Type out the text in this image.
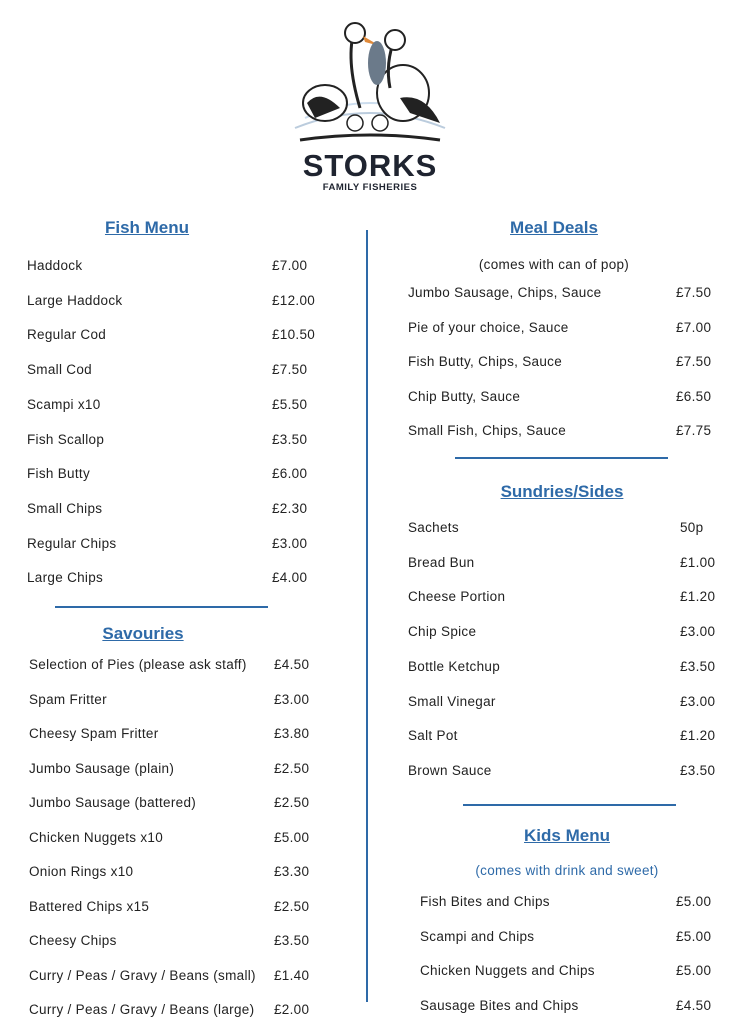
STORKS
FAMILY FISHERIES
Fish Menu
Haddock	£7.00
Large Haddock	£12.00
Regular Cod	£10.50
Small Cod	£7.50
Scampi x10	£5.50
Fish Scallop	£3.50
Fish Butty	£6.00
Small Chips	£2.30
Regular Chips	£3.00
Large Chips	£4.00
Savouries
Selection of Pies (please ask staff) £4.50
Spam Fritter	£3.00
Cheesy Spam Fritter	£3.80
Jumbo Sausage (plain)	£2.50
Jumbo Sausage (battered)	£2.50
Chicken Nuggets x10	£5.00
Onion Rings x10	£3.30
Battered Chips x15	£2.50
Cheesy Chips	£3.50
Curry / Peas / Gravy / Beans (small) £1.40
Curry / Peas / Gravy / Beans (large) £2.00
Meal Deals
(comes with can of pop)
Jumbo Sausage, Chips, Sauce	£7.50
Pie of your choice, Sauce	£7.00
Fish Butty, Chips, Sauce	£7.50
Chip Butty, Sauce	£6.50
Small Fish, Chips, Sauce	£7.75
Sundries/Sides
Sachets	50p
Bread Bun	£1.00
Cheese Portion	£1.20
Chip Spice	£3.00
Bottle Ketchup	£3.50
Small Vinegar	£3.00
Salt Pot	£1.20
Brown Sauce	£3.50
Kids Menu
(comes with drink and sweet)
Fish Bites and Chips	£5.00
Scampi and Chips	£5.00
Chicken Nuggets and Chips	£5.00
Sausage Bites and Chips	£4.50
